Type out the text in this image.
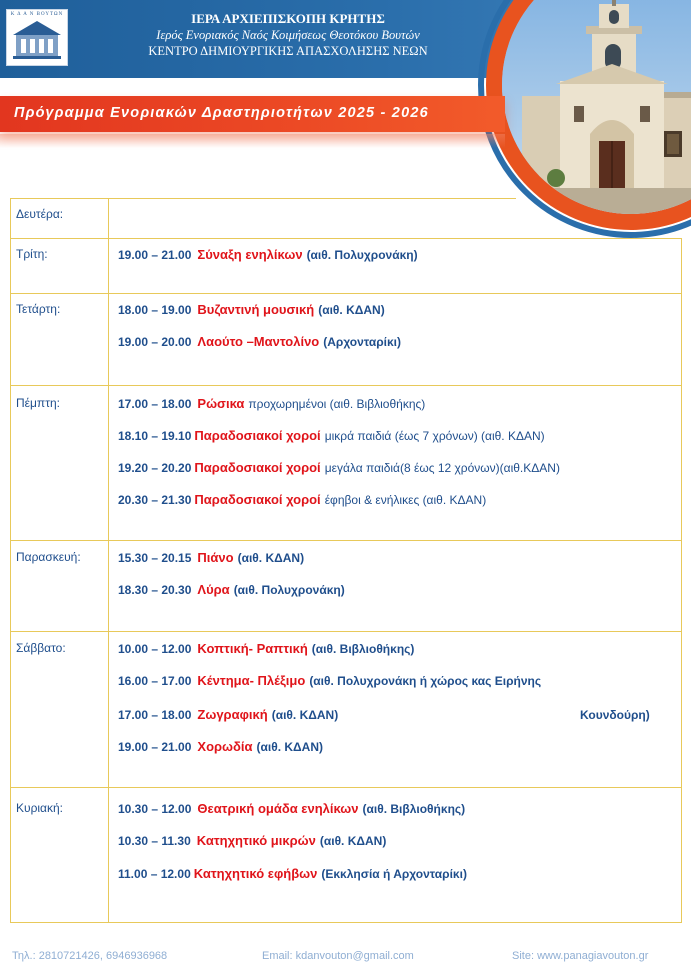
Κ Δ Α Ν ΒΟΥΤΩΝ	ΙΕΡΑ ΑΡΧΙΕΠΙΣΚΟΠΗ ΚΡΗΤΗΣ
Ιερός Ενοριακός Ναός Κοιμήσεως Θεοτόκου Βουτών
ΚΕΝΤΡΟ ΔΗΜΙΟΥΡΓΙΚΗΣ ΑΠΑΣΧΟΛΗΣΗΣ ΝΕΩΝ
Πρόγραμμα Ενοριακών Δραστηριοτήτων 2025 - 2026
Δευτέρα:
Τρίτη:	19.00 – 21.00 Σύναξη ενηλίκων (αιθ. Πολυχρονάκη)
Τετάρτη:	18.00 – 19.00 Βυζαντινή μουσική (αιθ. ΚΔΑΝ)
19.00 – 20.00 Λαούτο –Μαντολίνο (Αρχονταρίκι)
Πέμπτη:	17.00 – 18.00 Ρώσικα προχωρημένοι (αιθ. Βιβλιοθήκης)
18.10 – 19.10 Παραδοσιακοί χοροί μικρά παιδιά (έως 7 χρόνων) (αιθ. ΚΔΑΝ)
19.20 – 20.20 Παραδοσιακοί χοροί μεγάλα παιδιά(8 έως 12 χρόνων)(αιθ.ΚΔΑΝ)
20.30 – 21.30 Παραδοσιακοί χοροί έφηβοι & ενήλικες (αιθ. ΚΔΑΝ)
Παρασκευή:	15.30 – 20.15 Πιάνο (αιθ. ΚΔΑΝ)
18.30 – 20.30 Λύρα (αιθ. Πολυχρονάκη)
Σάββατο:	10.00 – 12.00 Κοπτική- Ραπτική (αιθ. Βιβλιοθήκης)
16.00 – 17.00 Κέντημα- Πλέξιμο (αιθ. Πολυχρονάκη ή χώρος κας Ειρήνης
17.00 – 18.00 Ζωγραφική (αιθ. ΚΔΑΝ)	Κουνδούρη)
19.00 – 21.00 Χορωδία (αιθ. ΚΔΑΝ)
Κυριακή:	10.30 – 12.00 Θεατρική ομάδα ενηλίκων (αιθ. Βιβλιοθήκης)
10.30 – 11.30 Κατηχητικό μικρών (αιθ. ΚΔΑΝ)
11.00 – 12.00 Κατηχητικό εφήβων (Εκκλησία ή Αρχονταρίκι)
Τηλ.: 2810721426, 6946936968	Email: kdanvouton@gmail.com	Site: www.panagiavouton.gr
